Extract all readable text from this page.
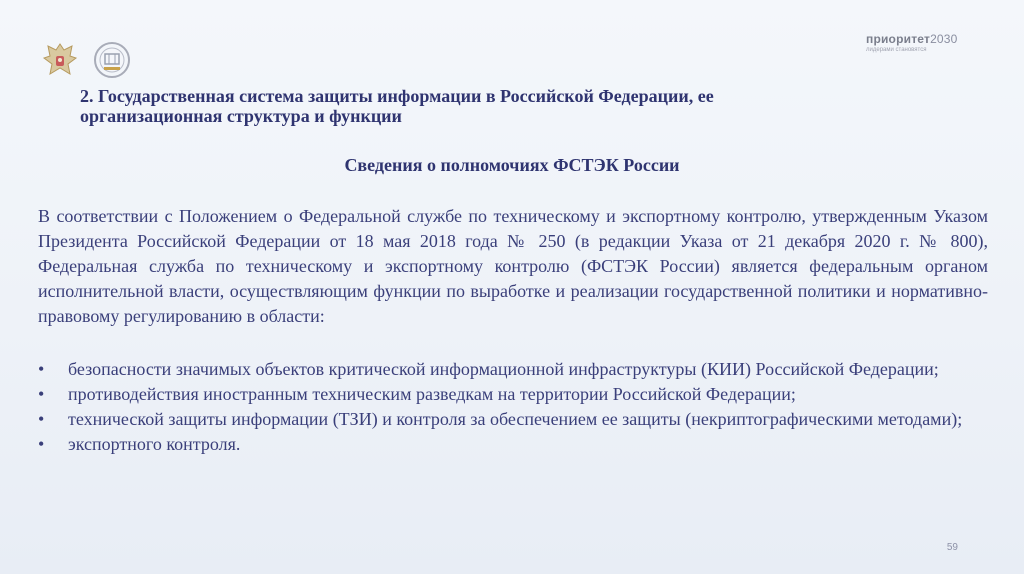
приоритет2030
лидерами становятся
2. Государственная система защиты информации в Российской Федерации, ее
организационная структура и функции
Сведения о полномочиях ФСТЭК России
В соответствии с Положением о Федеральной службе по техническому и экспортному контролю, утвержденным Указом Президента Российской Федерации от 18 мая 2018 года № 250 (в редакции Указа от 21 декабря 2020 г. № 800), Федеральная служба по техническому и экспортному контролю (ФСТЭК России) является федеральным органом исполнительной власти, осуществляющим функции по выработке и реализации государственной политики и нормативно-правовому регулированию в области:
• безопасности значимых объектов критической информационной инфраструктуры (КИИ) Российской Федерации;
• противодействия иностранным техническим разведкам на территории Российской Федерации;
• технической защиты информации (ТЗИ) и контроля за обеспечением ее защиты (некриптографическими методами);
• экспортного контроля.
59
